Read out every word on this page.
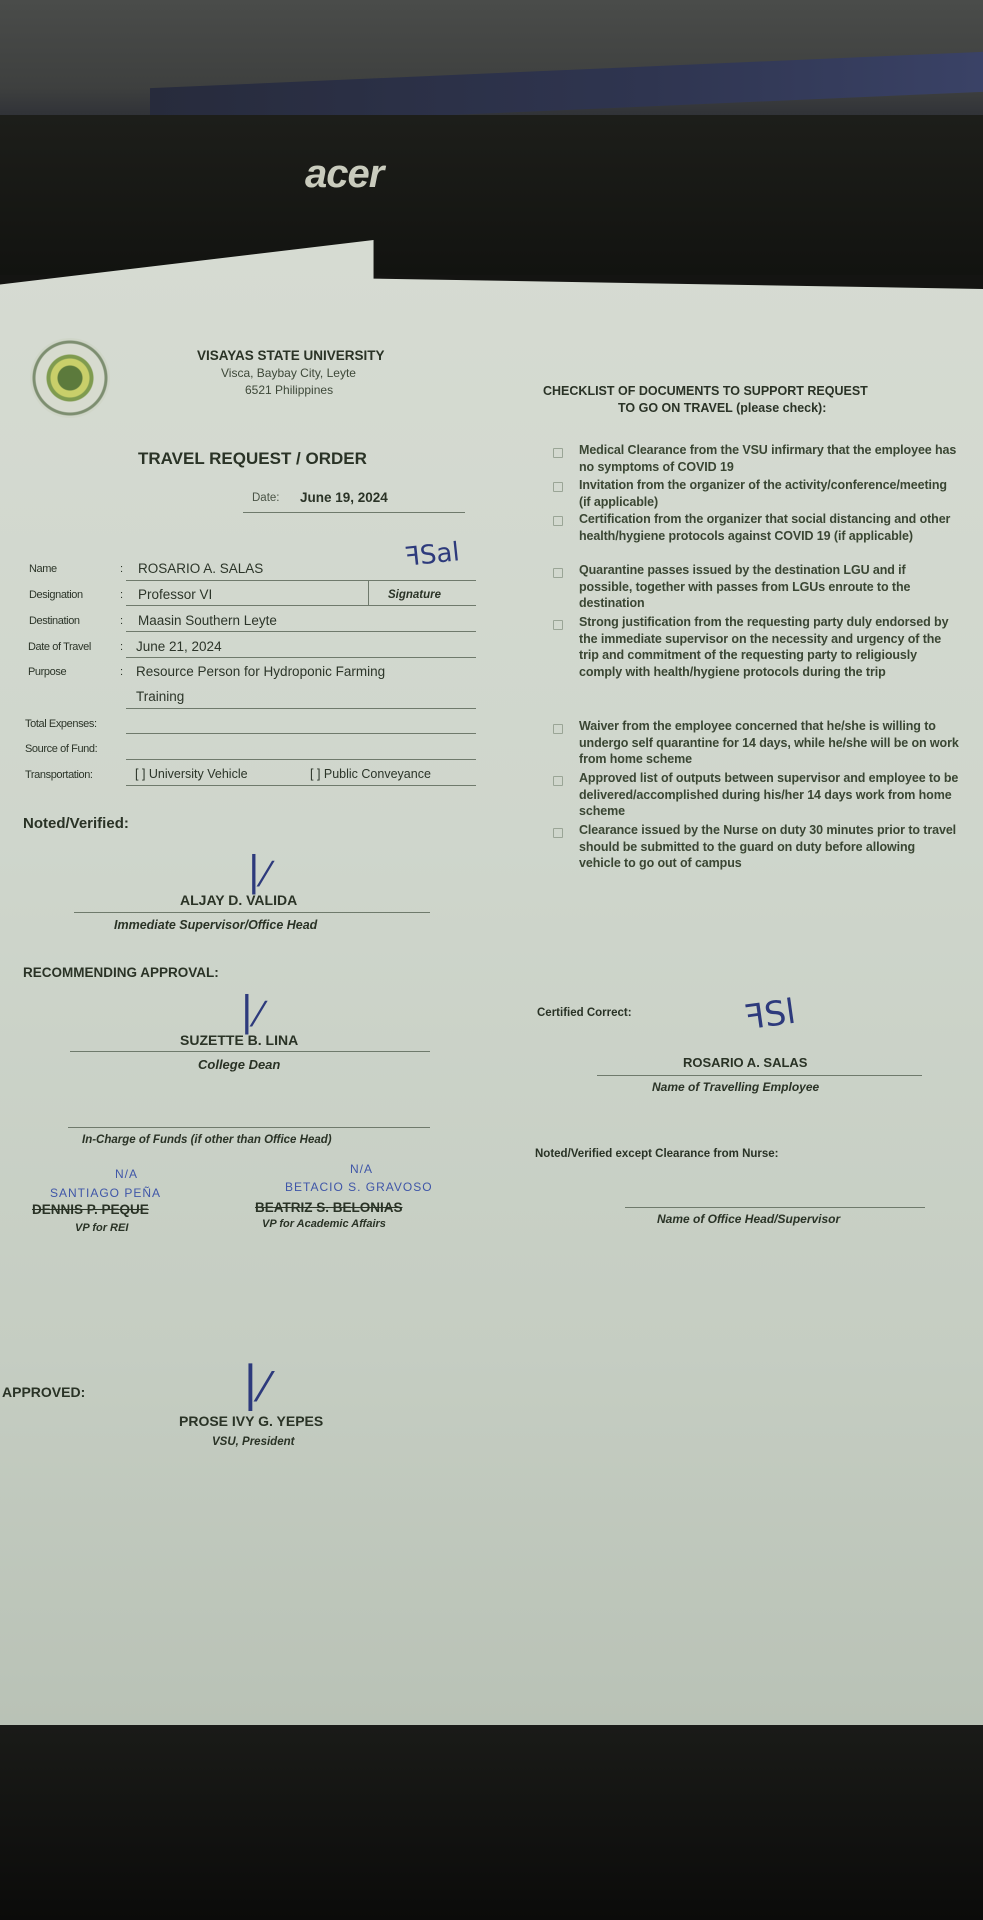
acer
VISAYAS STATE UNIVERSITY
Visca, Baybay City, Leyte
6521 Philippines
TRAVEL REQUEST / ORDER
Date: June 19, 2024
Name	: ROSARIO A. SALAS	ꟻSal
Designation	: Professor VI	Signature
Destination	: Maasin Southern Leyte
Date of Travel	: June 21, 2024
Purpose	: Resource Person for Hydroponic Farming
Training
Total Expenses:
Source of Fund:
Transportation:	[ ] University Vehicle	[ ] Public Conveyance
Noted/Verified:
⎮⁄
ALJAY D. VALIDA
Immediate Supervisor/Office Head
RECOMMENDING APPROVAL:
⎮⁄
SUZETTE B. LINA
College Dean
In-Charge of Funds (if other than Office Head)
N/A
SANTIAGO PEÑA
DENNIS P. PEQUE
VP for REI
N/A
BETACIO S. GRAVOSO
BEATRIZ S. BELONIAS
VP for Academic Affairs
APPROVED:	⎮⁄
PROSE IVY G. YEPES
VSU, President
CHECKLIST OF DOCUMENTS TO SUPPORT REQUEST
TO GO ON TRAVEL (please check):
Medical Clearance from the VSU infirmary that the employee has no symptoms of COVID 19
Invitation from the organizer of the activity/conference/meeting (if applicable)
Certification from the organizer that social distancing and other health/hygiene protocols against COVID 19 (if applicable)
Quarantine passes issued by the destination LGU and if possible, together with passes from LGUs enroute to the destination
Strong justification from the requesting party duly endorsed by the immediate supervisor on the necessity and urgency of the trip and commitment of the requesting party to religiously comply with health/hygiene protocols during the trip
Waiver from the employee concerned that he/she is willing to undergo self quarantine for 14 days, while he/she will be on work from home scheme
Approved list of outputs between supervisor and employee to be delivered/accomplished during his/her 14 days work from home scheme
Clearance issued by the Nurse on duty 30 minutes prior to travel should be submitted to the guard on duty before allowing vehicle to go out of campus
Certified Correct:	ꟻSl
ROSARIO A. SALAS
Name of Travelling Employee
Noted/Verified except Clearance from Nurse:
Name of Office Head/Supervisor
